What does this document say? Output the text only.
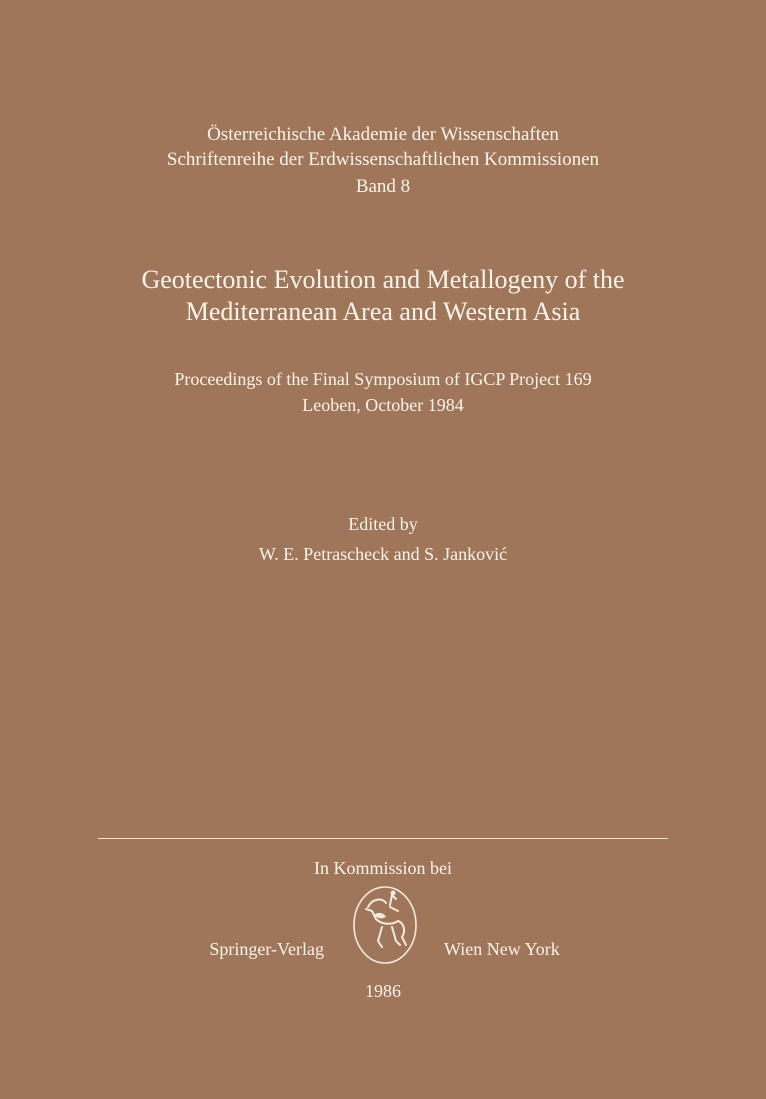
Österreichische Akademie der Wissenschaften
Schriftenreihe der Erdwissenschaftlichen Kommissionen
Band 8
Geotectonic Evolution and Metallogeny of the
Mediterranean Area and Western Asia
Proceedings of the Final Symposium of IGCP Project 169
Leoben, October 1984
Edited by
W. E. Petrascheck and S. Janković
In Kommission bei
Springer-Verlag	Wien New York
1986
